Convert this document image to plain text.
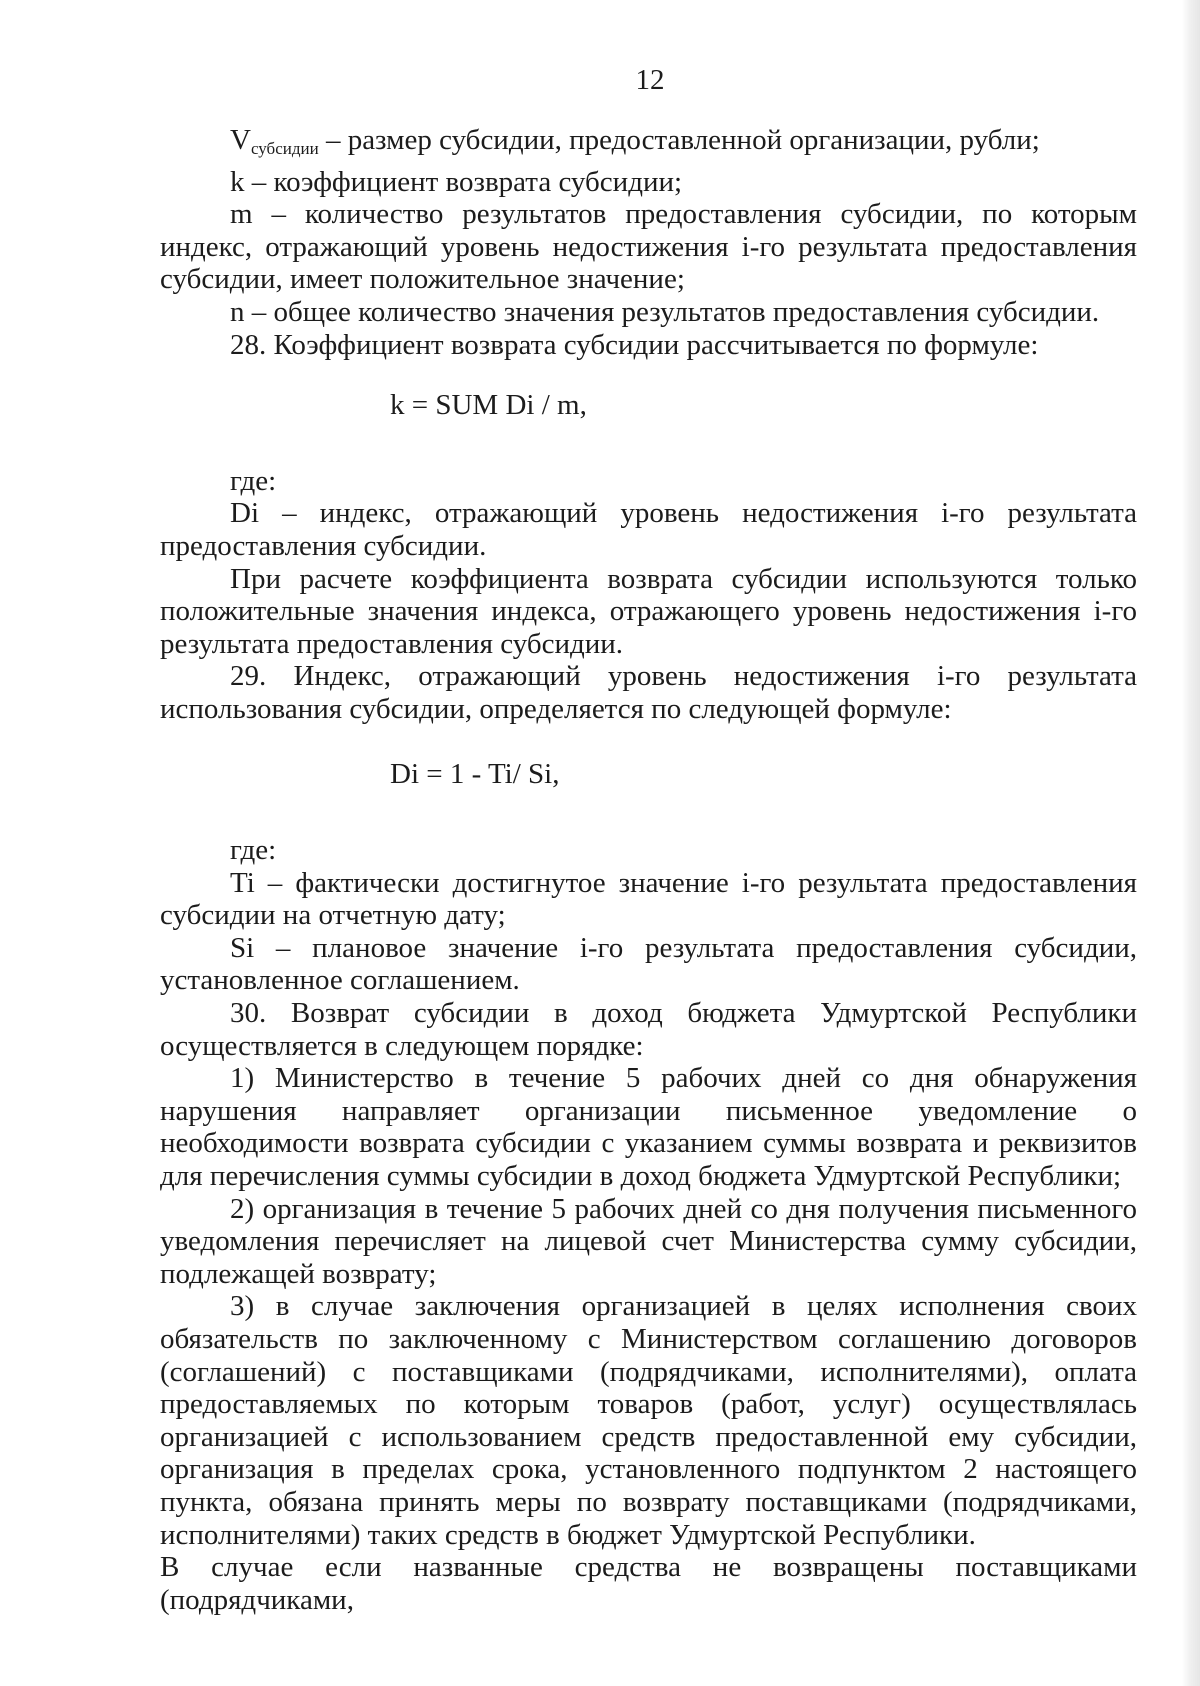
12

$V_{субсидии}$ – размер субсидии, предоставленной организации, рубли;

k – коэффициент возврата субсидии;

m – количество результатов предоставления субсидии, по которым индекс, отражающий уровень недостижения i-го результата предоставления субсидии, имеет положительное значение;

n – общее количество значения результатов предоставления субсидии.

28. Коэффициент возврата субсидии рассчитывается по формуле:

k = SUM Di / m,

где:

Di – индекс, отражающий уровень недостижения i-го результата предоставления субсидии.

При расчете коэффициента возврата субсидии используются только положительные значения индекса, отражающего уровень недостижения i-го результата предоставления субсидии.

29. Индекс, отражающий уровень недостижения i-го результата использования субсидии, определяется по следующей формуле:

Di = 1 - Ti/ Si,

где:

Ti – фактически достигнутое значение i-го результата предоставления субсидии на отчетную дату;

Si – плановое значение i-го результата предоставления субсидии, установленное соглашением.

30. Возврат субсидии в доход бюджета Удмуртской Республики осуществляется в следующем порядке:

1) Министерство в течение 5 рабочих дней со дня обнаружения нарушения направляет организации письменное уведомление о необходимости возврата субсидии с указанием суммы возврата и реквизитов для перечисления суммы субсидии в доход бюджета Удмуртской Республики;

2) организация в течение 5 рабочих дней со дня получения письменного уведомления перечисляет на лицевой счет Министерства сумму субсидии, подлежащей возврату;

3) в случае заключения организацией в целях исполнения своих обязательств по заключенному с Министерством соглашению договоров (соглашений) с поставщиками (подрядчиками, исполнителями), оплата предоставляемых по которым товаров (работ, услуг) осуществлялась организацией с использованием средств предоставленной ему субсидии, организация в пределах срока, установленного подпунктом 2 настоящего пункта, обязана принять меры по возврату поставщиками (подрядчиками, исполнителями) таких средств в бюджет Удмуртской Республики.

В случае если названные средства не возвращены поставщиками (подрядчиками,
